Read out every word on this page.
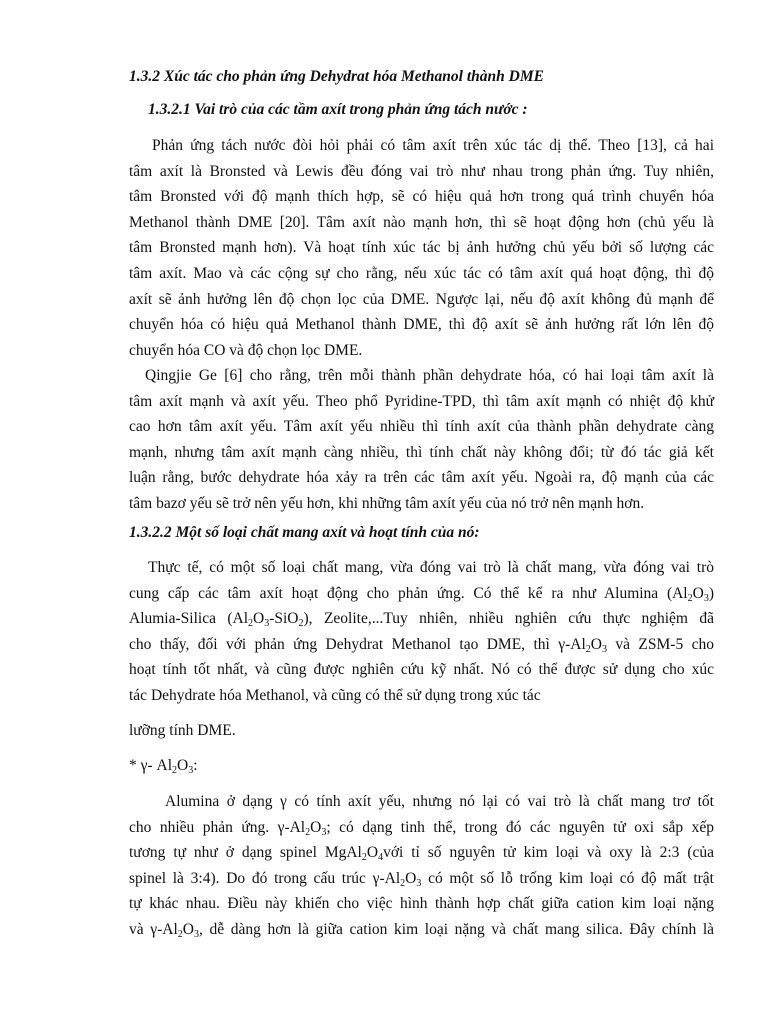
1.3.2 Xúc tác cho phản ứng Dehydrat hóa Methanol thành DME
1.3.2.1 Vai trò của các tầm axít trong phản ứng tách nước :

Phản ứng tách nước đòi hỏi phải có tâm axít trên xúc tác dị thể. Theo [13], cả hai
tâm axít là Bronsted và Lewis đều đóng vai trò như nhau trong phản ứng. Tuy nhiên,
tâm Bronsted với độ mạnh thích hợp, sẽ có hiệu quả hơn trong quá trình chuyển hóa
Methanol thành DME [20]. Tâm axít nào mạnh hơn, thì sẽ hoạt động hơn (chủ yếu là
tâm Bronsted mạnh hơn). Và hoạt tính xúc tác bị ảnh hưởng chủ yếu bởi số lượng các
tâm axít. Mao và các cộng sự cho rằng, nếu xúc tác có tâm axít quá hoạt động, thì độ
axít sẽ ảnh hưởng lên độ chọn lọc của DME. Ngược lại, nếu độ axít không đủ mạnh để
chuyển hóa có hiệu quả Methanol thành DME, thì độ axít sẽ ảnh hưởng rất lớn lên độ
chuyển hóa CO và độ chọn lọc DME.

Qingjie Ge [6] cho rằng, trên mỗi thành phần dehydrate hóa, có hai loại tâm axít là
tâm axít mạnh và axít yếu. Theo phổ Pyridine-TPD, thì tâm axít mạnh có nhiệt độ khử
cao hơn tâm axít yếu. Tâm axít yếu nhiều thì tính axít của thành phần dehydrate càng
mạnh, nhưng tâm axít mạnh càng nhiều, thì tính chất này không đổi; từ đó tác giả kết
luận rằng, bước dehydrate hóa xảy ra trên các tâm axít yếu. Ngoài ra, độ mạnh của các
tâm bazơ yếu sẽ trở nên yếu hơn, khi những tâm axít yếu của nó trở nên mạnh hơn.

1.3.2.2 Một số loại chất mang axít và hoạt tính của nó:

Thực tế, có một số loại chất mang, vừa đóng vai trò là chất mang, vừa đóng vai trò
cung cấp các tâm axít hoạt động cho phản ứng. Có thể kể ra như Alumina $(Al_2O_3)$
Alumia-Silica $(Al_2O_3-SiO_2)$, Zeolite,...Tuy nhiên, nhiều nghiên cứu thực nghiệm đã
cho thấy, đối với phản ứng Dehydrat Methanol tạo DME, thì $\gamma-Al_2O_3$ và ZSM-5 cho
hoạt tính tốt nhất, và cũng được nghiên cứu kỹ nhất. Nó có thể được sử dụng cho xúc
tác Dehydrate hóa Methanol, và cũng có thể sử dụng trong xúc tác

lưỡng tính DME.

* γ- $Al_2O_3$:

Alumina ở dạng γ có tính axít yếu, nhưng nó lại có vai trò là chất mang trơ tốt
cho nhiều phản ứng. $\gamma-Al_2O_3$; có dạng tinh thể, trong đó các nguyên tử oxi sắp xếp
tương tự như ở dạng spinel $MgAl_2O_4với$ tỉ số nguyên tử kim loại và oxy là 2:3 (của
spinel là 3:4). Do đó trong cấu trúc $\gamma-Al_2O_3$ có một số lỗ trống kim loại có độ mất trật
tự khác nhau. Điều này khiến cho việc hình thành hợp chất giữa cation kim loại nặng
và $\gamma-Al_2O_3$, dễ dàng hơn là giữa cation kim loại nặng và chất mang silica. Đây chính là
